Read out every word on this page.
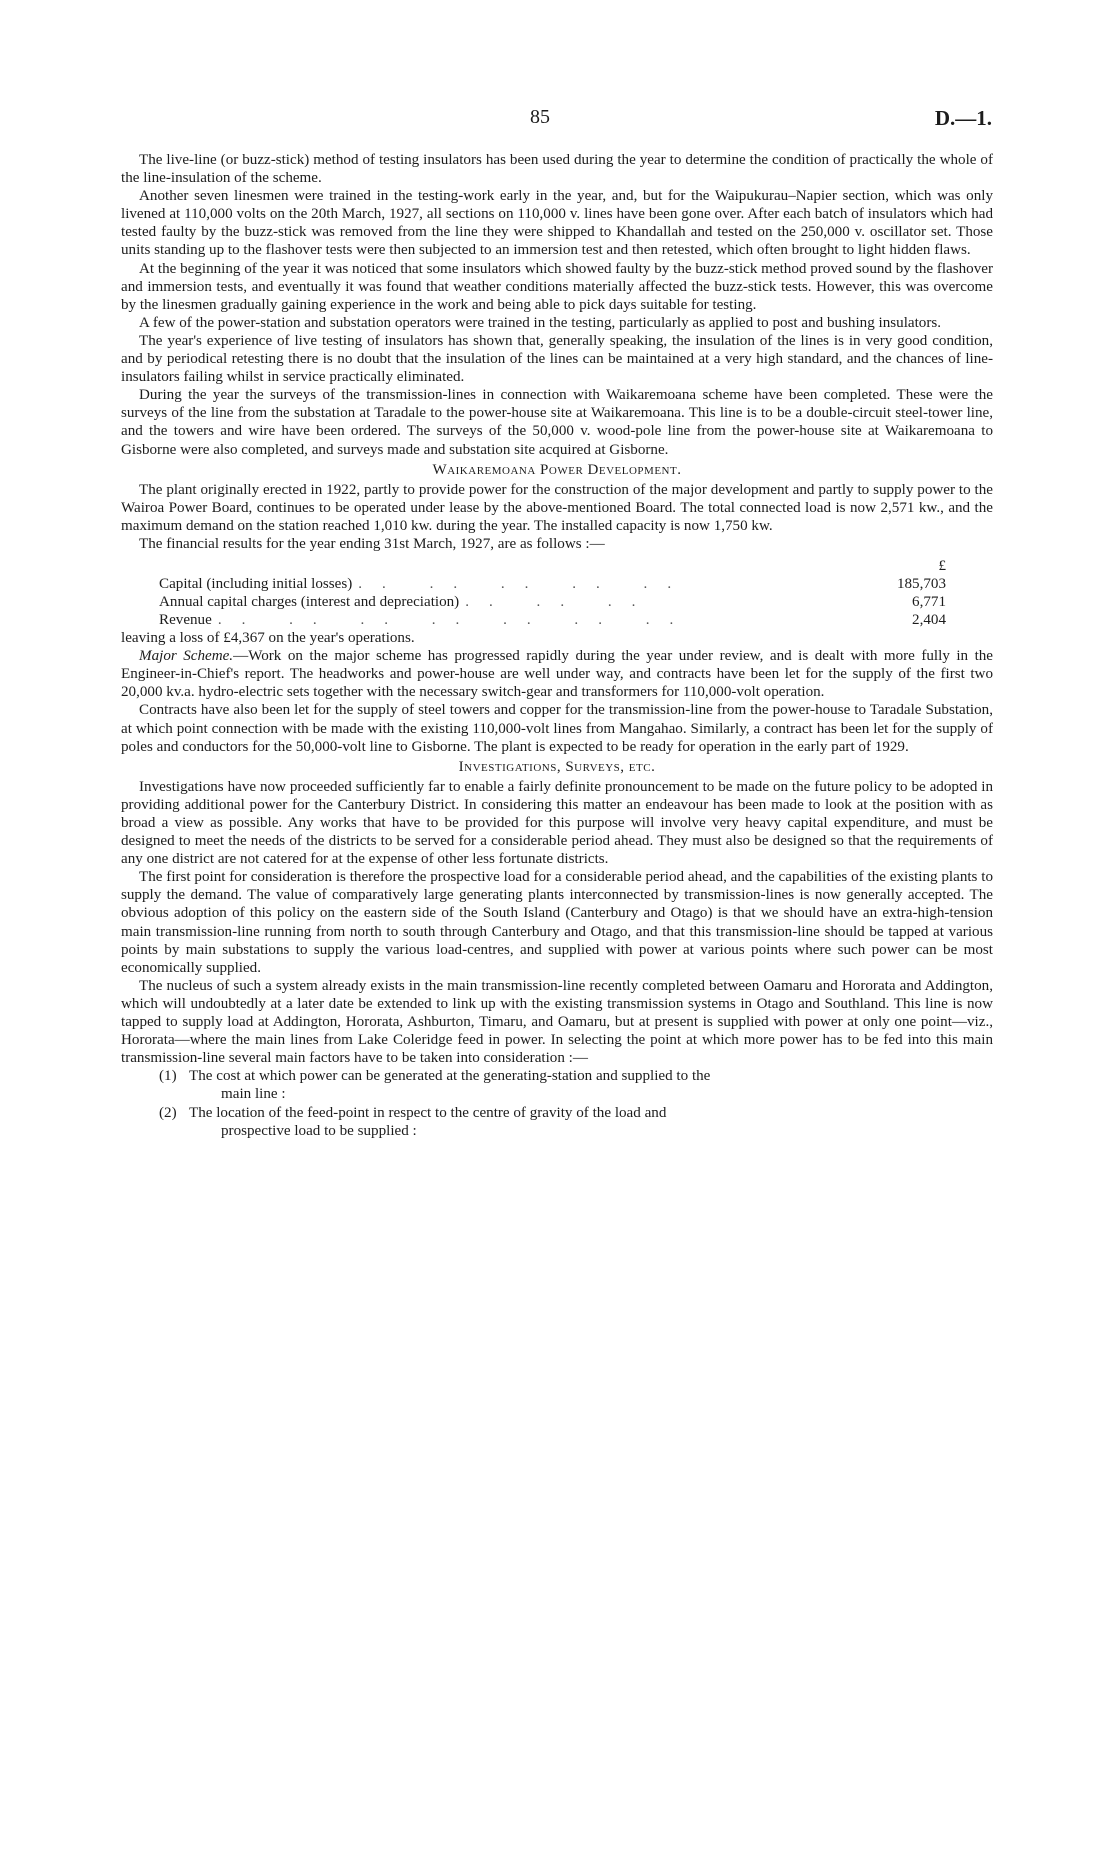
85	D.—1.

The live-line (or buzz-stick) method of testing insulators has been used during the year to determine the condition of practically the whole of the line-insulation of the scheme.

Another seven linesmen were trained in the testing-work early in the year, and, but for the Waipukurau–Napier section, which was only livened at 110,000 volts on the 20th March, 1927, all sections on 110,000 v. lines have been gone over. After each batch of insulators which had tested faulty by the buzz-stick was removed from the line they were shipped to Khandallah and tested on the 250,000 v. oscillator set. Those units standing up to the flashover tests were then subjected to an immersion test and then retested, which often brought to light hidden flaws.

At the beginning of the year it was noticed that some insulators which showed faulty by the buzz-stick method proved sound by the flashover and immersion tests, and eventually it was found that weather conditions materially affected the buzz-stick tests. However, this was overcome by the linesmen gradually gaining experience in the work and being able to pick days suitable for testing.

A few of the power-station and substation operators were trained in the testing, particularly as applied to post and bushing insulators.

The year's experience of live testing of insulators has shown that, generally speaking, the insulation of the lines is in very good condition, and by periodical retesting there is no doubt that the insulation of the lines can be maintained at a very high standard, and the chances of line-insulators failing whilst in service practically eliminated.

During the year the surveys of the transmission-lines in connection with Waikaremoana scheme have been completed. These were the surveys of the line from the substation at Taradale to the power-house site at Waikaremoana. This line is to be a double-circuit steel-tower line, and the towers and wire have been ordered. The surveys of the 50,000 v. wood-pole line from the power-house site at Waikaremoana to Gisborne were also completed, and surveys made and substation site acquired at Gisborne.

Waikaremoana Power Development.

The plant originally erected in 1922, partly to provide power for the construction of the major development and partly to supply power to the Wairoa Power Board, continues to be operated under lease by the above-mentioned Board. The total connected load is now 2,571 kw., and the maximum demand on the station reached 1,010 kw. during the year. The installed capacity is now 1,750 kw.

The financial results for the year ending 31st March, 1927, are as follows :—

	£
Capital (including initial losses) .. .. .. .. ..	185,703
Annual capital charges (interest and depreciation) .. .. ..	6,771
Revenue .. .. .. .. .. .. ..	2,404

leaving a loss of £4,367 on the year's operations.

Major Scheme.—Work on the major scheme has progressed rapidly during the year under review, and is dealt with more fully in the Engineer-in-Chief's report. The headworks and power-house are well under way, and contracts have been let for the supply of the first two 20,000 kv.a. hydro-electric sets together with the necessary switch-gear and transformers for 110,000-volt operation.

Contracts have also been let for the supply of steel towers and copper for the transmission-line from the power-house to Taradale Substation, at which point connection with be made with the existing 110,000-volt lines from Mangahao. Similarly, a contract has been let for the supply of poles and conductors for the 50,000-volt line to Gisborne. The plant is expected to be ready for operation in the early part of 1929.

Investigations, Surveys, etc.

Investigations have now proceeded sufficiently far to enable a fairly definite pronouncement to be made on the future policy to be adopted in providing additional power for the Canterbury District. In considering this matter an endeavour has been made to look at the position with as broad a view as possible. Any works that have to be provided for this purpose will involve very heavy capital expenditure, and must be designed to meet the needs of the districts to be served for a considerable period ahead. They must also be designed so that the requirements of any one district are not catered for at the expense of other less fortunate districts.

The first point for consideration is therefore the prospective load for a considerable period ahead, and the capabilities of the existing plants to supply the demand. The value of comparatively large generating plants interconnected by transmission-lines is now generally accepted. The obvious adoption of this policy on the eastern side of the South Island (Canterbury and Otago) is that we should have an extra-high-tension main transmission-line running from north to south through Canterbury and Otago, and that this transmission-line should be tapped at various points by main substations to supply the various load-centres, and supplied with power at various points where such power can be most economically supplied.

The nucleus of such a system already exists in the main transmission-line recently completed between Oamaru and Hororata and Addington, which will undoubtedly at a later date be extended to link up with the existing transmission systems in Otago and Southland. This line is now tapped to supply load at Addington, Hororata, Ashburton, Timaru, and Oamaru, but at present is supplied with power at only one point—viz., Hororata—where the main lines from Lake Coleridge feed in power. In selecting the point at which more power has to be fed into this main transmission-line several main factors have to be taken into consideration :—

(1) The cost at which power can be generated at the generating-station and supplied to the
main line :
(2) The location of the feed-point in respect to the centre of gravity of the load and
prospective load to be supplied :
